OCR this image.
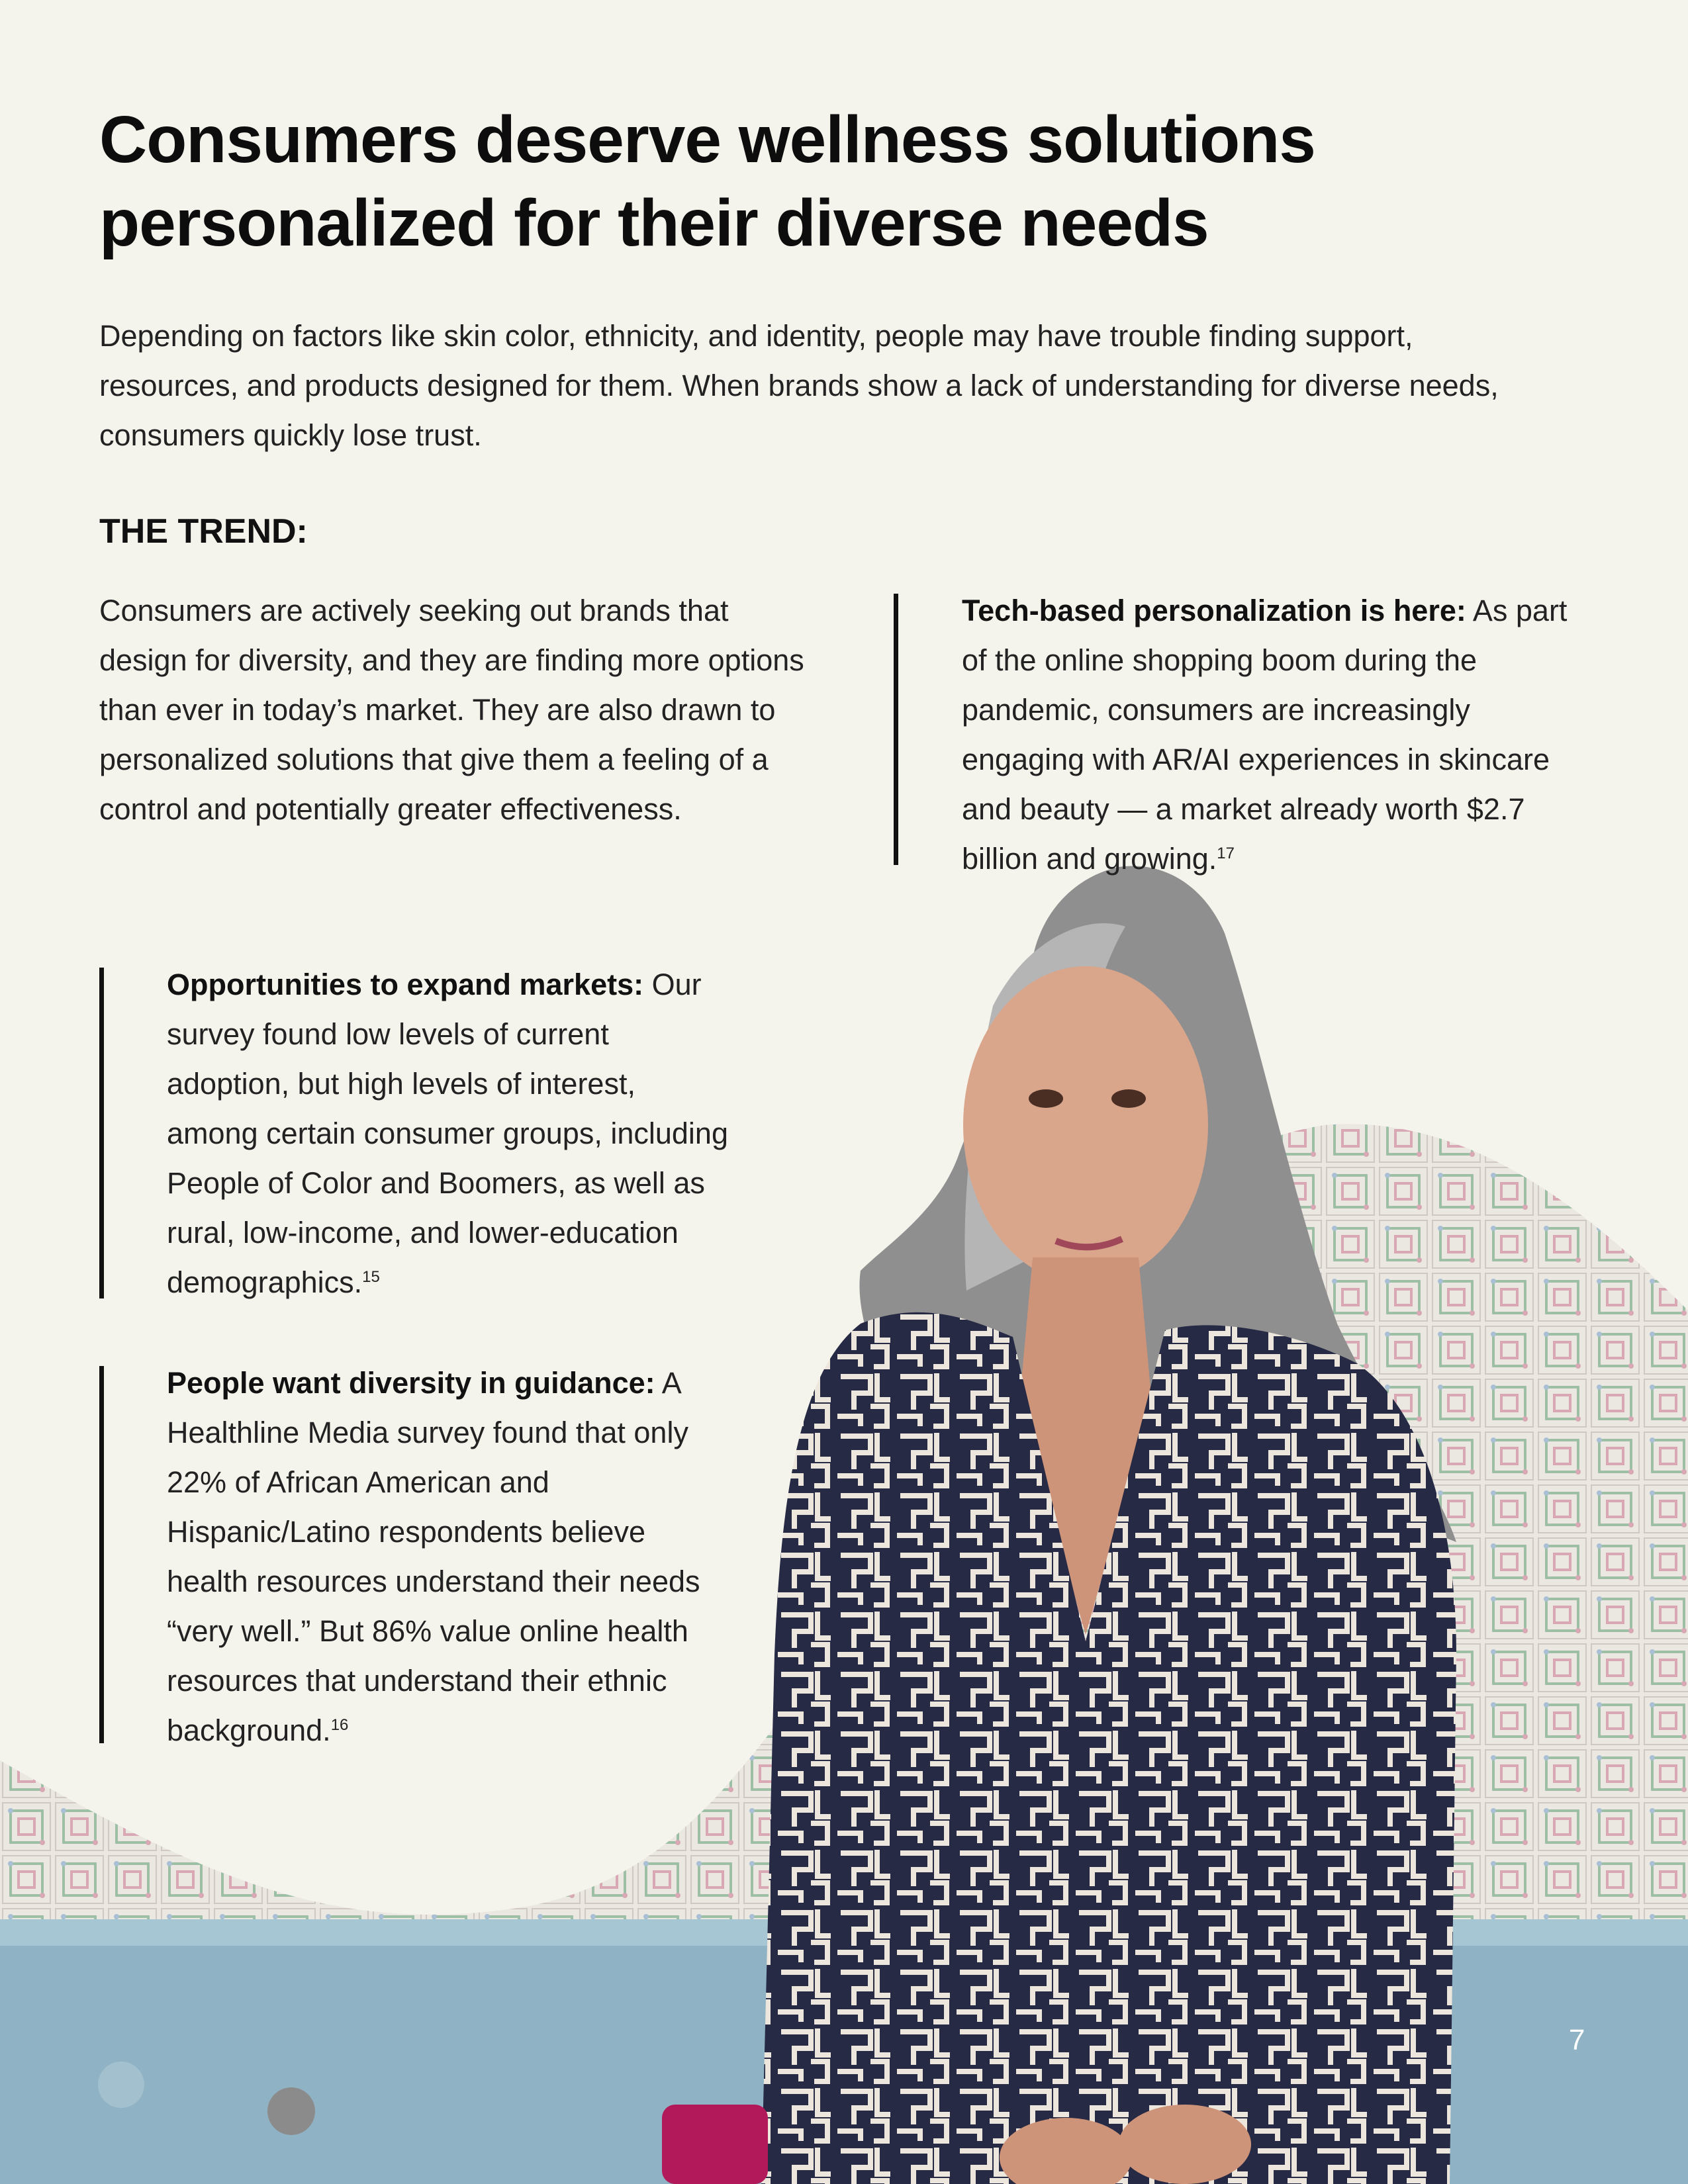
Consumers deserve wellness solutions personalized for their diverse needs

Depending on factors like skin color, ethnicity, and identity, people may have trouble finding support, resources, and products designed for them. When brands show a lack of understanding for diverse needs, consumers quickly lose trust.

THE TREND:

Consumers are actively seeking out brands that design for diversity, and they are finding more options than ever in today’s market. They are also drawn to personalized solutions that give them a feeling of a control and potentially greater effectiveness.

Tech-based personalization is here: As part of the online shopping boom during the pandemic, consumers are increasingly engaging with AR/AI experiences in skincare and beauty — a market already worth $2.7 billion and growing.$^{17}$

Opportunities to expand markets: Our survey found low levels of current adoption, but high levels of interest, among certain consumer groups, including People of Color and Boomers, as well as rural, low-income, and lower-education demographics.$^{15}$

People want diversity in guidance: A Healthline Media survey found that only 22% of African American and Hispanic/Latino respondents believe health resources understand their needs “very well.” But 86% value online health resources that understand their ethnic background.$^{16}$

7
